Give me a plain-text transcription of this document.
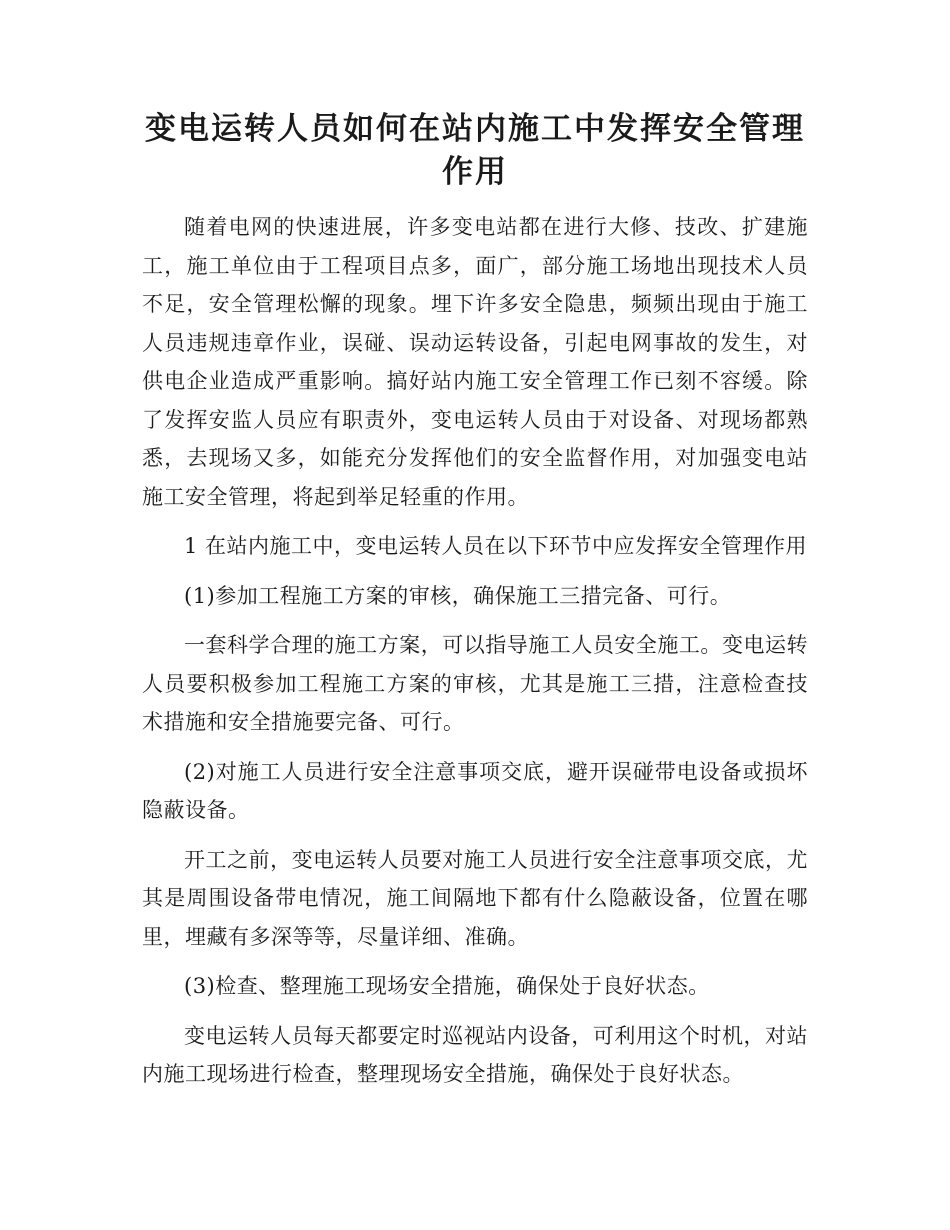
变电运转人员如何在站内施工中发挥安全管理作用

随着电网的快速进展，许多变电站都在进行大修、技改、扩建施工，施工单位由于工程项目点多，面广，部分施工场地出现技术人员不足，安全管理松懈的现象。埋下许多安全隐患，频频出现由于施工人员违规违章作业，误碰、误动运转设备，引起电网事故的发生，对供电企业造成严重影响。搞好站内施工安全管理工作已刻不容缓。除了发挥安监人员应有职责外，变电运转人员由于对设备、对现场都熟悉，去现场又多，如能充分发挥他们的安全监督作用，对加强变电站施工安全管理，将起到举足轻重的作用。

1 在站内施工中，变电运转人员在以下环节中应发挥安全管理作用

(1)参加工程施工方案的审核，确保施工三措完备、可行。

一套科学合理的施工方案，可以指导施工人员安全施工。变电运转人员要积极参加工程施工方案的审核，尤其是施工三措，注意检查技术措施和安全措施要完备、可行。

(2)对施工人员进行安全注意事项交底，避开误碰带电设备或损坏隐蔽设备。

开工之前，变电运转人员要对施工人员进行安全注意事项交底，尤其是周围设备带电情况，施工间隔地下都有什么隐蔽设备，位置在哪里，埋藏有多深等等，尽量详细、准确。

(3)检查、整理施工现场安全措施，确保处于良好状态。

变电运转人员每天都要定时巡视站内设备，可利用这个时机，对站内施工现场进行检查，整理现场安全措施，确保处于良好状态。
